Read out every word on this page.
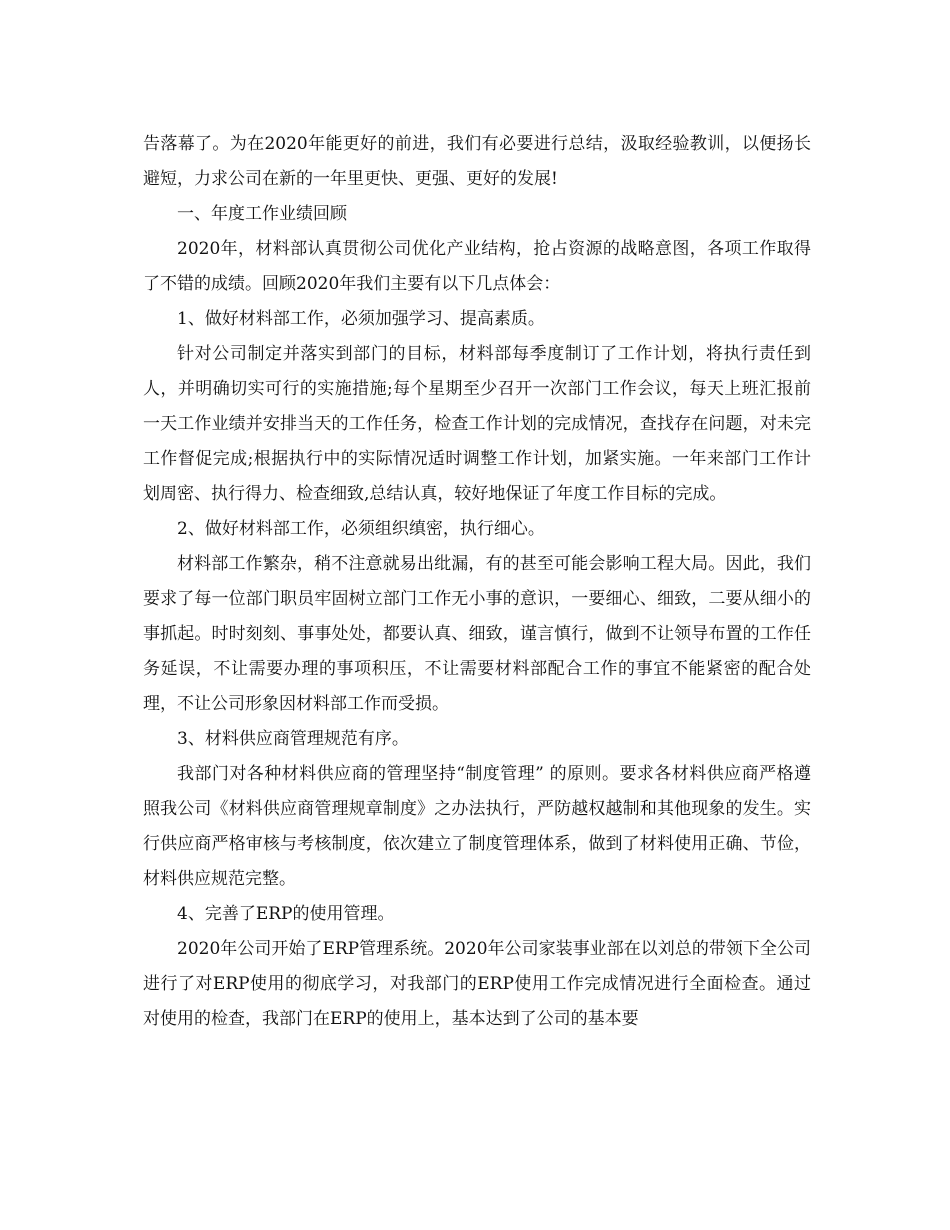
告落幕了。为在2020年能更好的前进，我们有必要进行总结，汲取经验教训，以便扬长避短，力求公司在新的一年里更快、更强、更好的发展!

一、年度工作业绩回顾

2020年，材料部认真贯彻公司优化产业结构，抢占资源的战略意图，各项工作取得了不错的成绩。回顾2020年我们主要有以下几点体会：

1、做好材料部工作，必须加强学习、提高素质。

针对公司制定并落实到部门的目标，材料部每季度制订了工作计划，将执行责任到人，并明确切实可行的实施措施;每个星期至少召开一次部门工作会议，每天上班汇报前一天工作业绩并安排当天的工作任务，检查工作计划的完成情况，查找存在问题，对未完工作督促完成;根据执行中的实际情况适时调整工作计划，加紧实施。一年来部门工作计划周密、执行得力、检查细致,总结认真，较好地保证了年度工作目标的完成。

2、做好材料部工作，必须组织缜密，执行细心。

材料部工作繁杂，稍不注意就易出纰漏，有的甚至可能会影响工程大局。因此，我们要求了每一位部门职员牢固树立部门工作无小事的意识，一要细心、细致，二要从细小的事抓起。时时刻刻、事事处处，都要认真、细致，谨言慎行，做到不让领导布置的工作任务延误，不让需要办理的事项积压，不让需要材料部配合工作的事宜不能紧密的配合处理，不让公司形象因材料部工作而受损。

3、材料供应商管理规范有序。

我部门对各种材料供应商的管理坚持“制度管理” 的原则。要求各材料供应商严格遵照我公司《材料供应商管理规章制度》之办法执行，严防越权越制和其他现象的发生。实行供应商严格审核与考核制度，依次建立了制度管理体系，做到了材料使用正确、节俭，材料供应规范完整。

4、完善了ERP的使用管理。

2020年公司开始了ERP管理系统。2020年公司家装事业部在以刘总的带领下全公司进行了对ERP使用的彻底学习，对我部门的ERP使用工作完成情况进行全面检查。通过对使用的检查，我部门在ERP的使用上，基本达到了公司的基本要
